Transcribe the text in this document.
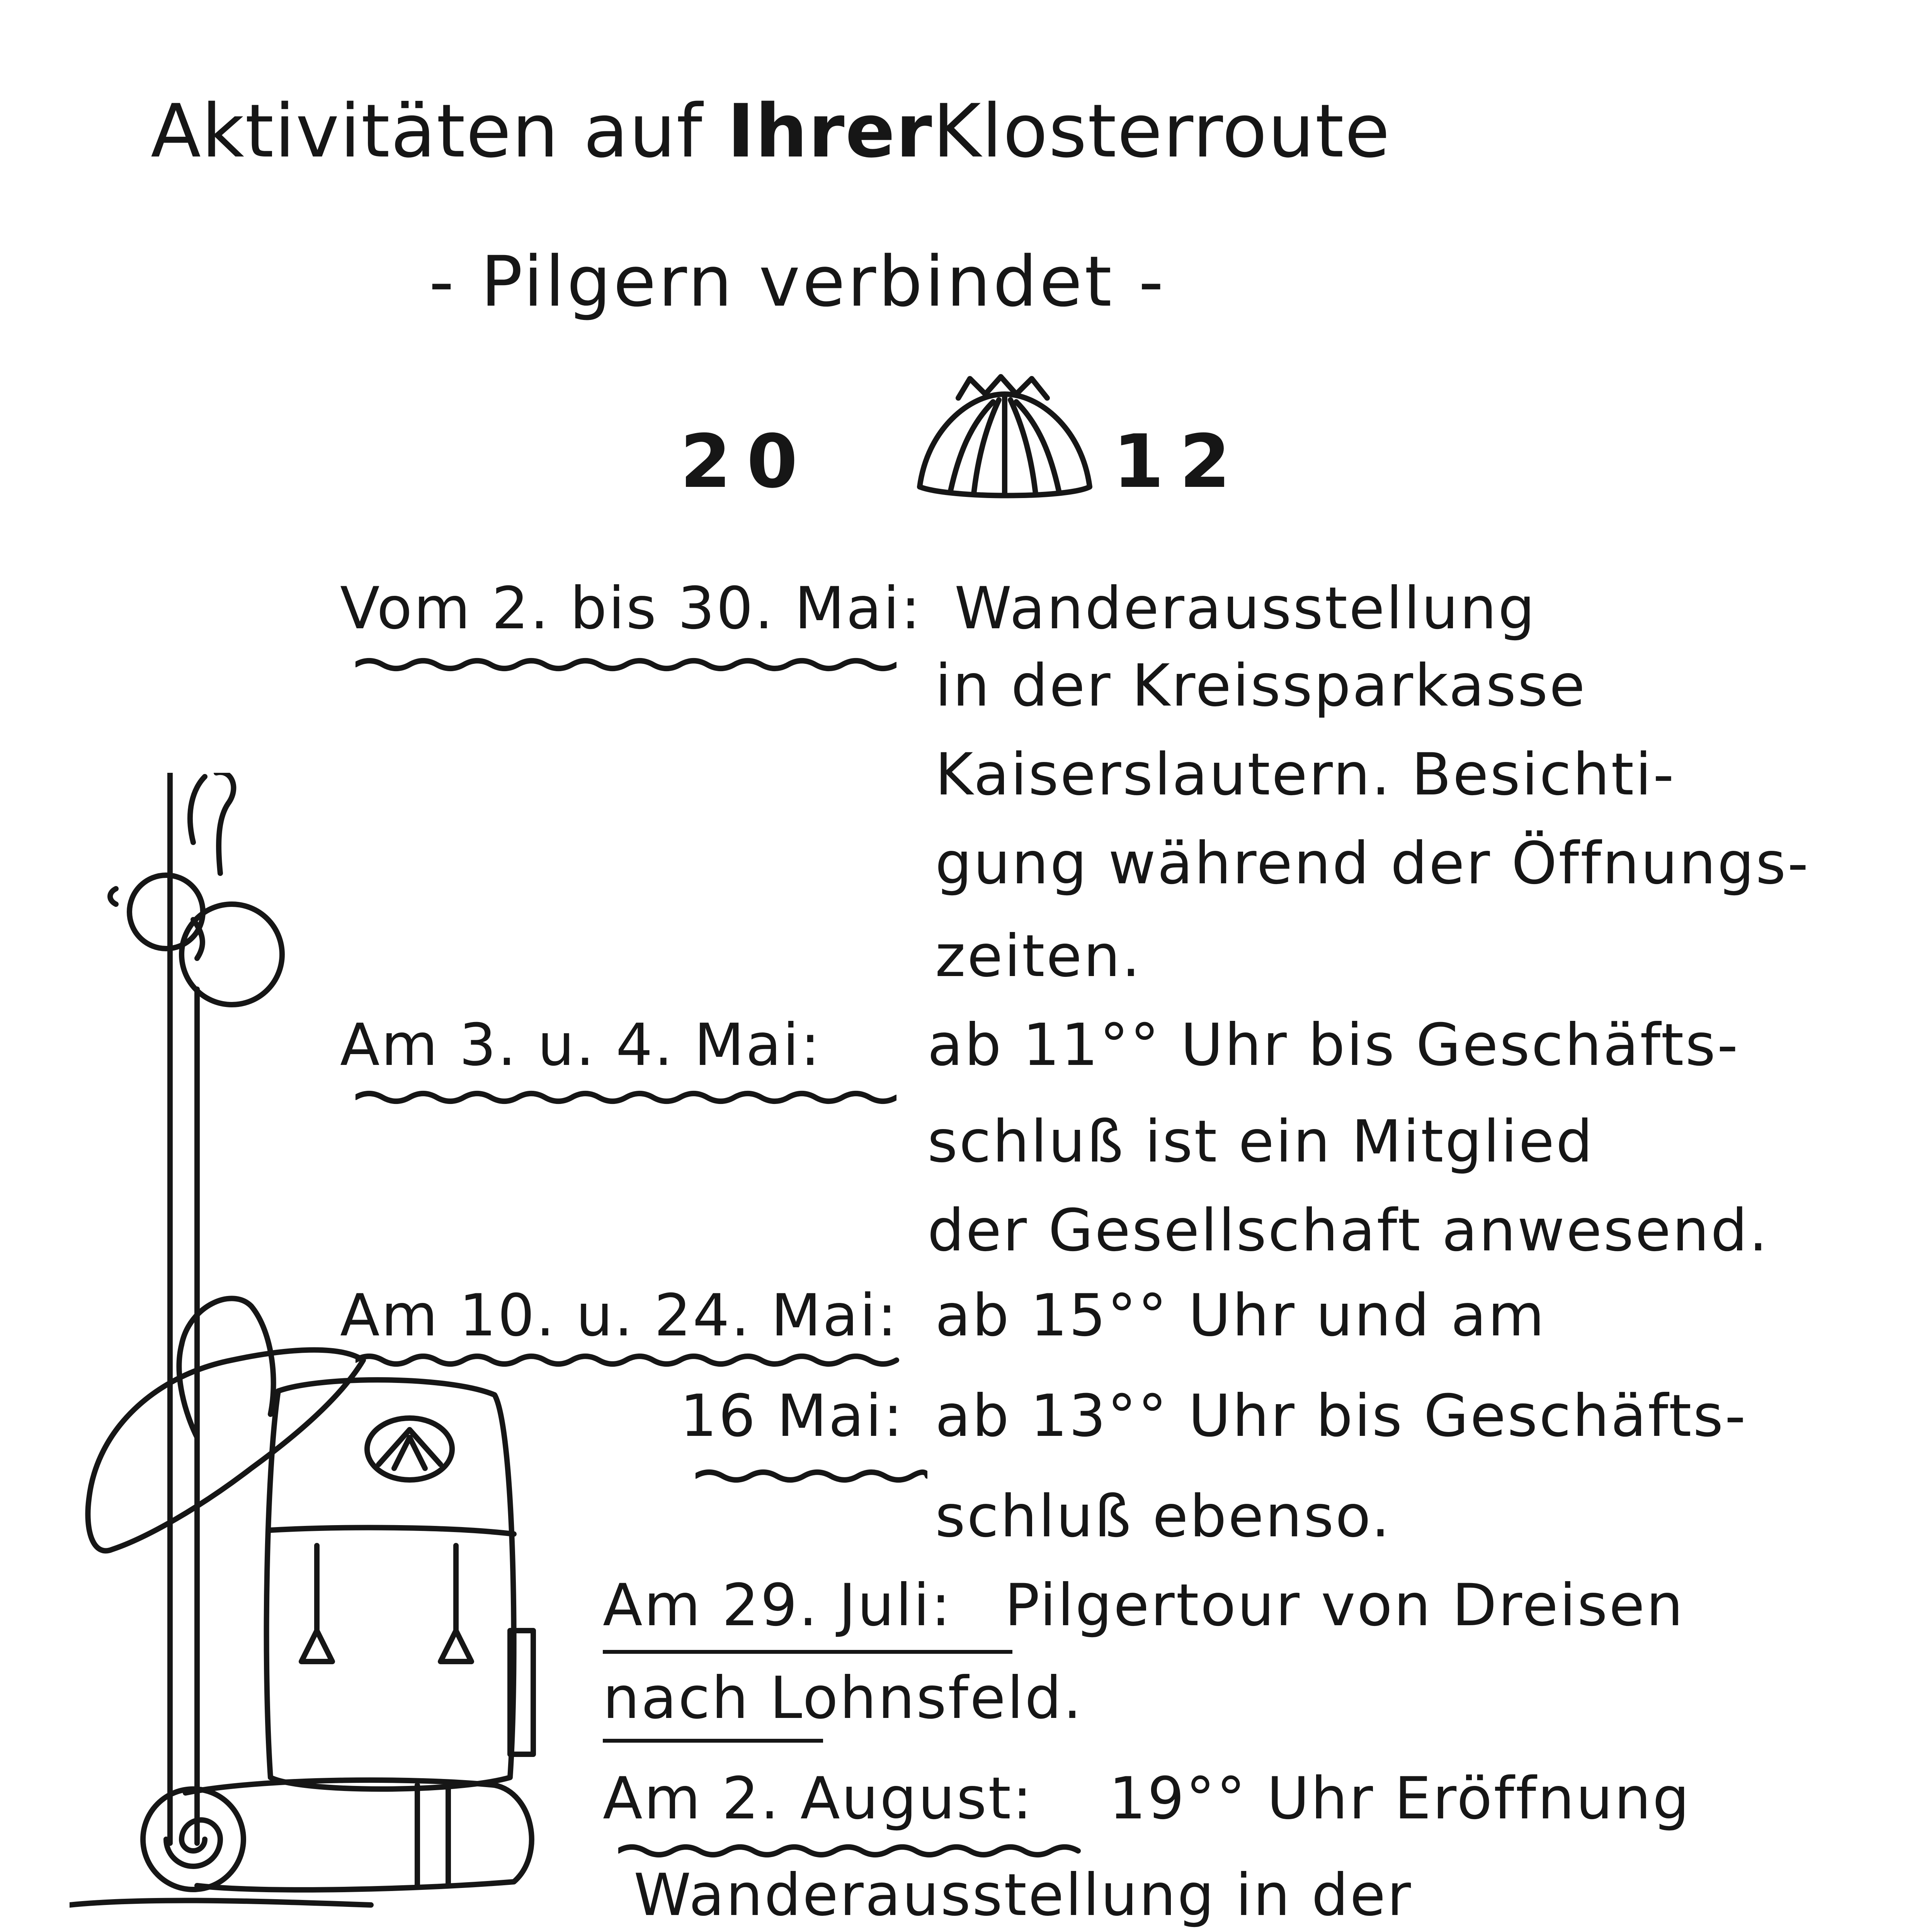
Aktivitäten auf IhrerKlosterroute
- Pilgern verbindet -
20	12
Vom 2. bis 30. Mai: Wanderausstellung
in der Kreissparkasse
Kaiserslautern. Besichti-
gung während der Öffnungs-
zeiten.
Am 3. u. 4. Mai: ab 11°° Uhr bis Geschäfts-
schluß ist ein Mitglied
der Gesellschaft anwesend.
Am 10. u. 24. Mai: ab 15°° Uhr und am
16 Mai: ab 13°° Uhr bis Geschäfts-
schluß ebenso.
Am 29. Juli: Pilgertour von Dreisen
nach Lohnsfeld.
Am 2. August: 19°° Uhr Eröffnung
Wanderausstellung in der
